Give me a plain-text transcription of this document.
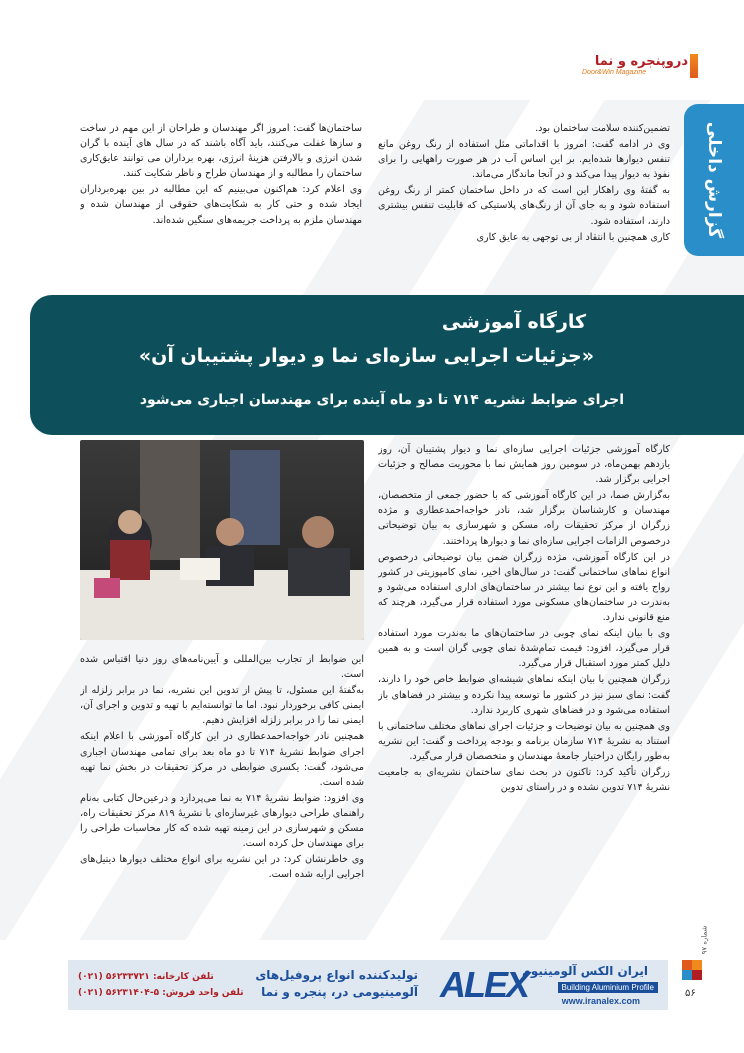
دروپنجره و نما
Door&Win Magazine
گزارش داخلی

تضمین‌کننده سلامت ساختمان بود.

وی در ادامه گفت: امروز با اقداماتی مثل استفاده از رنگ روغن مانع تنفس دیوارها شده‌ایم. بر این اساس آب در هر صورت راههایی را برای نفوذ به دیوار پیدا می‌کند و در آنجا ماندگار می‌ماند.

به گفته‌ٔ وی راهکار این است که در داخل ساختمان کمتر از رنگ روغن استفاده شود و به جای آن از رنگ‌های پلاستیکی که قابلیت تنفس بیشتری دارند، استفاده شود.

کاری همچنین با انتقاد از بی توجهی به عایق کاری

ساختمان‌ها گفت: امروز اگر مهندسان و طراحان از این مهم در ساخت و سازها غفلت می‌کنند، باید آگاه باشند که در سال های آینده با گران شدن انرژی و بالارفتن هزینهٔ انرژی، بهره برداران می توانند عایق‌کاری ساختمان را مطالبه و از مهندسان طراح و ناظر شکایت کنند.

وی اعلام کرد: هم‌اکنون می‌بینیم که این مطالبه در بین بهره‌برداران ایجاد شده و حتی کار به شکایت‌های حقوقی از مهندسان شده و مهندسان ملزم به پرداخت جریمه‌های سنگین شده‌اند.

کارگاه آموزشی
«جزئیات اجرایی سازه‌ای نما و دیوار پشتیبان آن»
اجرای ضوابط نشریه ۷۱۴ تا دو ماه آینده برای مهندسان اجباری می‌شود

کارگاه آموزشی جزئیات اجرایی سازه‌ای نما و دیوار پشتیبان آن، روز یازدهم بهمن‌ماه، در سومین روز همایش نما با محوریت مصالح و جزئیات اجرایی برگزار شد.

به‌گزارش صما، در این کارگاه آموزشی که با حضور جمعی از متخصصان، مهندسان و کارشناسان برگزار شد، نادر خواجه‌احمدعطاری و مژده زرگران از مرکز تحقیقات راه، مسکن و شهرسازی به بیان توضیحاتی درخصوص الزامات اجرایی سازه‌ای نما و دیوارها پرداختند.

در این کارگاه آموزشی، مژده زرگران ضمن بیان توضیحاتی درخصوص انواع نماهای ساختمانی گفت: در سال‌های اخیر، نمای کامپوزیتی در کشور رواج یافته و این نوع نما بیشتر در ساختمان‌های اداری استفاده می‌شود و به‌ندرت در ساختمان‌های مسکونی مورد استفاده قرار می‌گیرد، هرچند که منع قانونی ندارد.

وی با بیان اینکه نمای چوبی در ساختمان‌های ما به‌ندرت مورد استفاده قرار می‌گیرد، افزود: قیمت تمام‌شدهٔ نمای چوبی گران است و به همین دلیل کمتر مورد استقبال قرار می‌گیرد.

زرگران همچنین با بیان اینکه نماهای شیشه‌ای ضوابط خاص خود را دارند، گفت: نمای سبز نیز در کشور ما توسعه پیدا نکرده و بیشتر در فضاهای باز استفاده می‌شود و در فضاهای شهری کاربرد ندارد.

وی همچنین به بیان توضیحات و جزئیات اجرای نماهای مختلف ساختمانی با استناد به نشریهٔ ۷۱۴ سازمان برنامه و بودجه پرداخت و گفت: این نشریه به‌طور رایگان دراختیار جامعهٔ مهندسان و متخصصان قرار می‌گیرد.

زرگران تأکید کرد: تاکنون در بحث نمای ساختمان نشریه‌ای به جامعیت نشریهٔ ۷۱۴ تدوین نشده و در راستای تدوین

این ضوابط از تجارب بین‌المللی و آیین‌نامه‌های روز دنیا اقتباس شده است.

به‌گفتهٔ این مسئول، تا پیش از تدوین این نشریه، نما در برابر زلزله از ایمنی کافی برخوردار نبود. اما ما توانسته‌ایم با تهیه و تدوین و اجرای آن، ایمنی نما را در برابر زلزله افزایش دهیم.

همچنین نادر خواجه‌احمدعطاری در این کارگاه آموزشی با اعلام اینکه اجرای ضوابط نشریهٔ ۷۱۴ تا دو ماه بعد برای تمامی مهندسان اجباری می‌شود، گفت: یکسری ضوابطی در مرکز تحقیقات در بخش نما تهیه شده است.

وی افزود: ضوابط نشریهٔ ۷۱۴ به نما می‌پردازد و درعین‌حال کتابی به‌نام راهنمای طراحی دیوارهای غیرسازه‌ای با نشریهٔ ۸۱۹ مرکز تحقیقات راه، مسکن و شهرسازی در این زمینه تهیه شده که کار محاسبات طراحی را برای مهندسان حل کرده است.

وی خاطرنشان کرد: در این نشریه برای انواع مختلف دیوارها دیتیل‌های اجرایی ارایه شده است.

ایران الکس آلومینیوم
Building Aluminium Profile
www.iranalex.com
ALEX
تولیدکننده انواع پروفیل‌های
آلومینیومی در، پنجره و نما
تلفن کارخانه: ۵۶۲۳۳۷۲۱ (۰۲۱)
تلفن واحد فروش: ۵-۵۶۲۳۱۴۰۴ (۰۲۱)
شماره ۹۷
۵۶
